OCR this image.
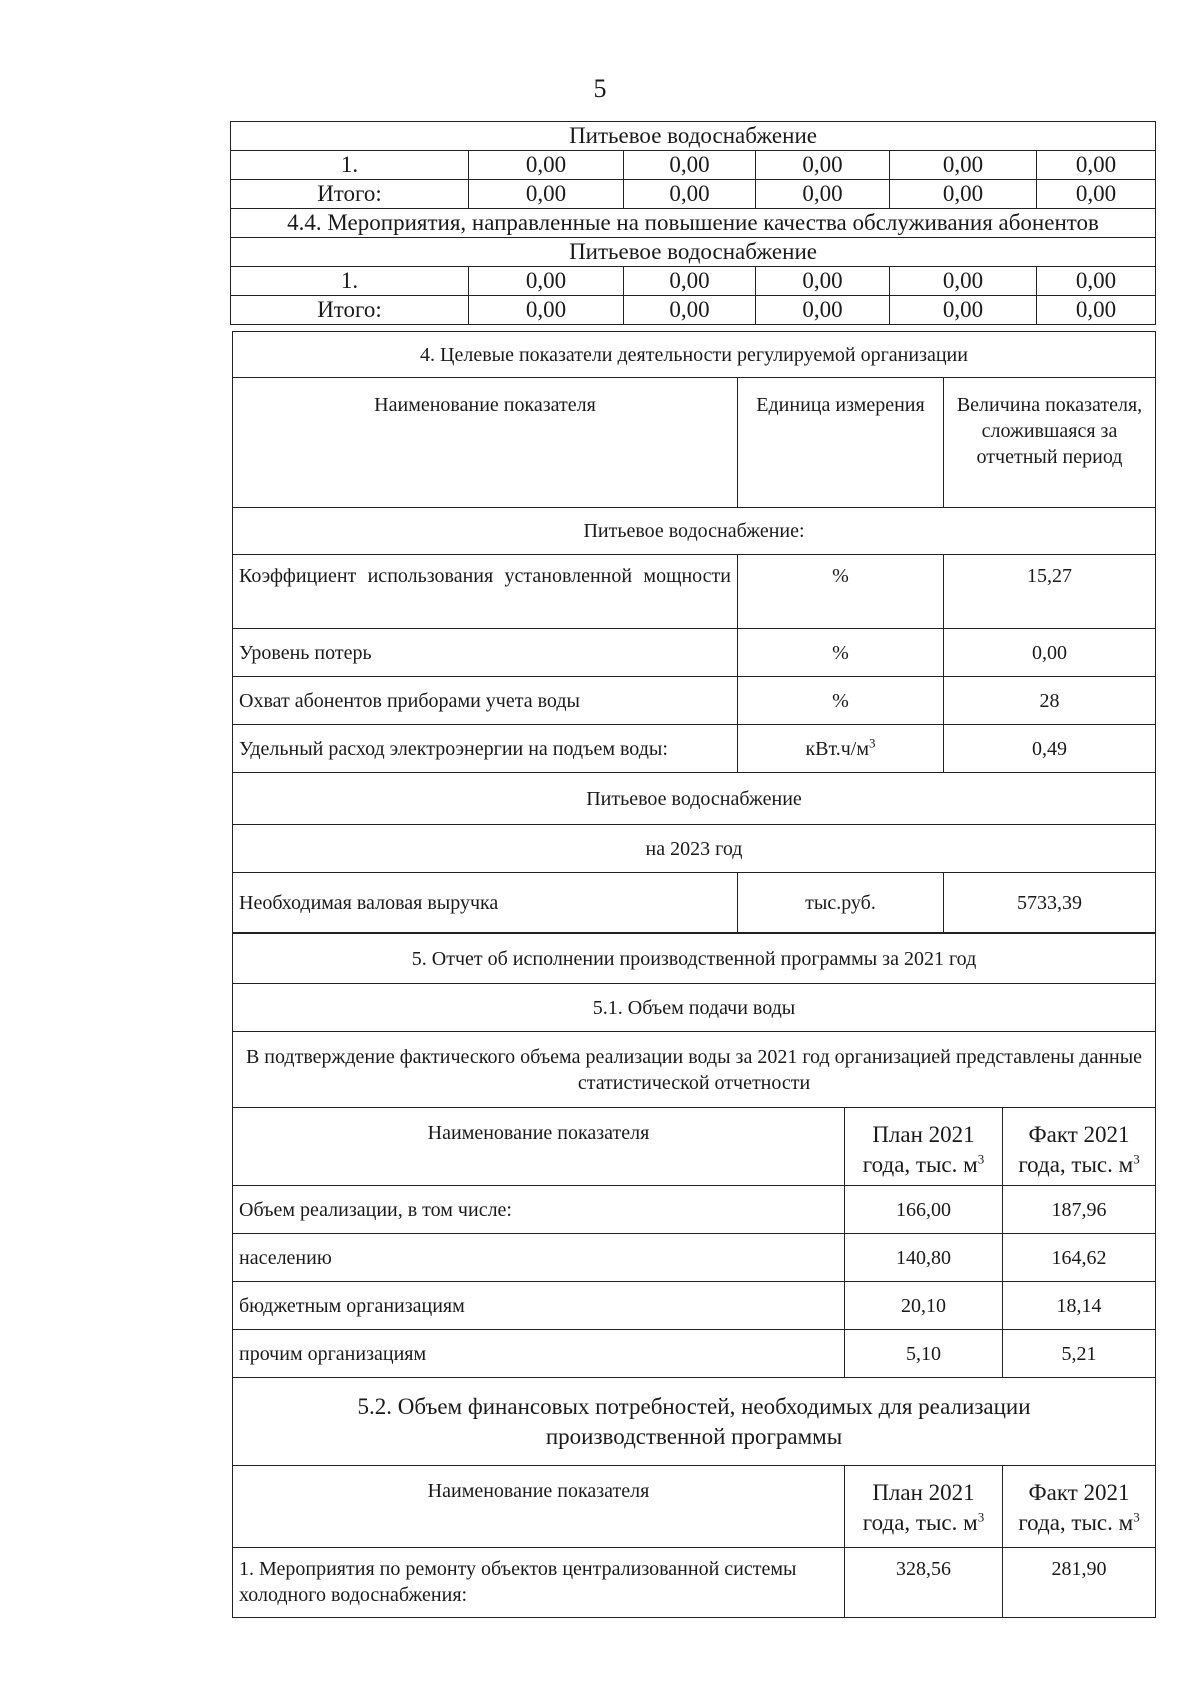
5
Питьевое водоснабжение					
1.	0,00	0,00	0,00	0,00	0,00
Итого:	0,00	0,00	0,00	0,00	0,00
4.4. Мероприятия, направленные на повышение качества обслуживания абонентов					
Питьевое водоснабжение					
1.	0,00	0,00	0,00	0,00	0,00
Итого:	0,00	0,00	0,00	0,00	0,00
4. Целевые показатели деятельности регулируемой организации		
Наименование показателя	Единица измерения	Величина показателя, сложившаяся за отчетный период
Питьевое водоснабжение:		
Коэффициент использования установленной мощности	%	15,27
Уровень потерь	%	0,00
Охват абонентов приборами учета воды	%	28
Удельный расход электроэнергии на подъем воды:	$кВт.ч/м^3$	0,49
Питьевое водоснабжение		
на 2023 год		
Необходимая валовая выручка	тыс.руб.	5733,39
5. Отчет об исполнении производственной программы за 2021 год		
5.1. Объем подачи воды		
В подтверждение фактического объема реализации воды за 2021 год организацией представлены данные статистической отчетности		
Наименование показателя	План 2021 года, тыс. $м^3$	Факт 2021 года, тыс. $м^3$
Объем реализации, в том числе:	166,00	187,96
населению	140,80	164,62
бюджетным организациям	20,10	18,14
прочим организациям	5,10	5,21
5.2. Объем финансовых потребностей, необходимых для реализации производственной программы		
Наименование показателя	План 2021 года, тыс. $м^3$	Факт 2021 года, тыс. $м^3$
1. Мероприятия по ремонту объектов централизованной системы холодного водоснабжения:	328,56	281,90
